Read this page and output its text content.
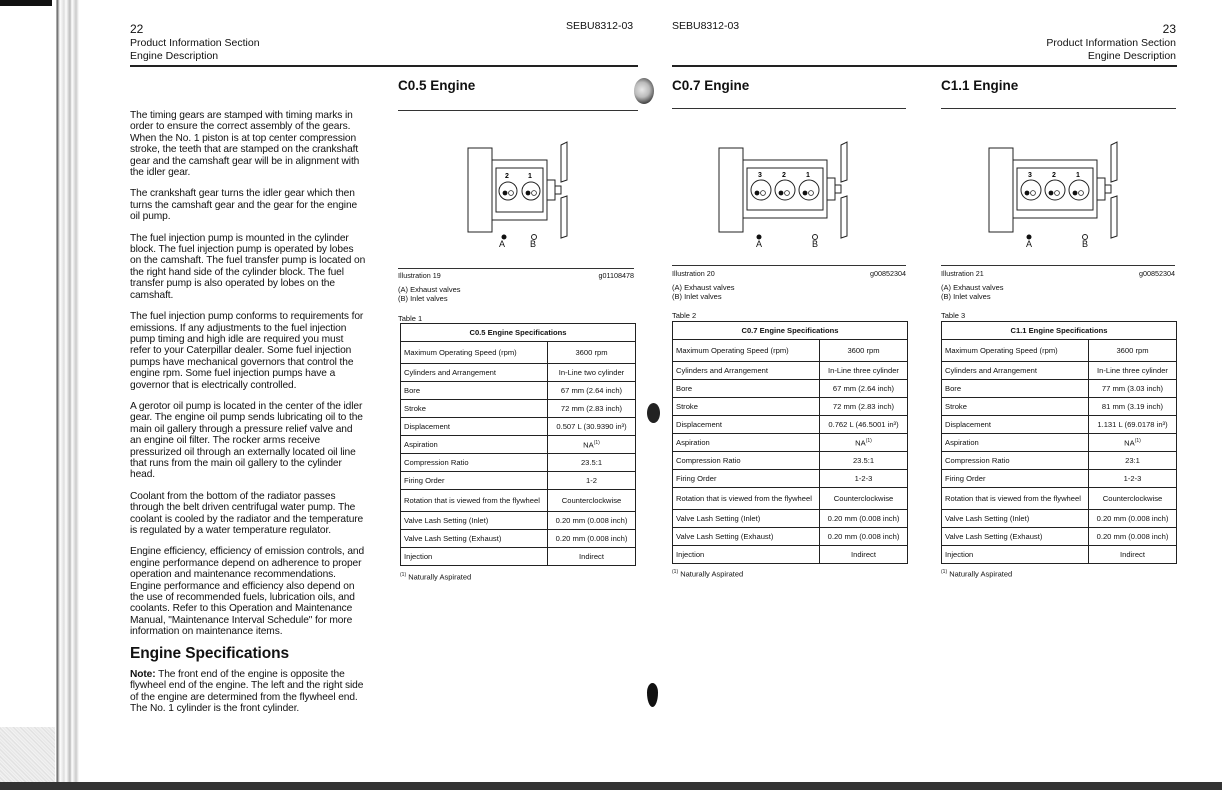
22
Product Information Section
Engine Description
SEBU8312-03	SEBU8312-03	23
Product Information Section
Engine Description

The timing gears are stamped with timing marks in order to ensure the correct assembly of the gears. When the No. 1 piston is at top center compression stroke, the teeth that are stamped on the crankshaft gear and the camshaft gear will be in alignment with the idler gear.

The crankshaft gear turns the idler gear which then turns the camshaft gear and the gear for the engine oil pump.

The fuel injection pump is mounted in the cylinder block. The fuel injection pump is operated by lobes on the camshaft. The fuel transfer pump is located on the right hand side of the cylinder block. The fuel transfer pump is also operated by lobes on the camshaft.

The fuel injection pump conforms to requirements for emissions. If any adjustments to the fuel injection pump timing and high idle are required you must refer to your Caterpillar dealer. Some fuel injection pumps have mechanical governors that control the engine rpm. Some fuel injection pumps have a governor that is electrically controlled.

A gerotor oil pump is located in the center of the idler gear. The engine oil pump sends lubricating oil to the main oil gallery through a pressure relief valve and an engine oil filter. The rocker arms receive pressurized oil through an externally located oil line that runs from the main oil gallery to the cylinder head.

Coolant from the bottom of the radiator passes through the belt driven centrifugal water pump. The coolant is cooled by the radiator and the temperature is regulated by a water temperature regulator.

Engine efficiency, efficiency of emission controls, and engine performance depend on adherence to proper operation and maintenance recommendations. Engine performance and efficiency also depend on the use of recommended fuels, lubrication oils, and coolants. Refer to this Operation and Maintenance Manual, "Maintenance Interval Schedule" for more information on maintenance items.

Engine Specifications

Note: The front end of the engine is opposite the flywheel end of the engine. The left and the right side of the engine are determined from the flywheel end. The No. 1 cylinder is the front cylinder.

C0.5 Engine
2	1
A	B
Illustration 19	g01108478
(A) Exhaust valves
(B) Inlet valves
Table 1
C0.5 Engine Specifications	
Maximum Operating Speed (rpm)	3600 rpm
Cylinders and Arrangement	In-Line two cylinder
Bore	67 mm (2.64 inch)
Stroke	72 mm (2.83 inch)
Displacement	0.507 L (30.9390 in³)
Aspiration	NA$^{(1)}$
Compression Ratio	23.5:1
Firing Order	1-2
Rotation that is viewed from the flywheel	Counterclockwise
Valve Lash Setting (Inlet)	0.20 mm (0.008 inch)
Valve Lash Setting (Exhaust)	0.20 mm (0.008 inch)
Injection	Indirect
$^{(1)}$ Naturally Aspirated
C0.7 Engine
3	2	1
A	B
Illustration 20	g00852304
(A) Exhaust valves
(B) Inlet valves
Table 2
C0.7 Engine Specifications	
Maximum Operating Speed (rpm)	3600 rpm
Cylinders and Arrangement	In-Line three cylinder
Bore	67 mm (2.64 inch)
Stroke	72 mm (2.83 inch)
Displacement	0.762 L (46.5001 in³)
Aspiration	NA$^{(1)}$
Compression Ratio	23.5:1
Firing Order	1-2-3
Rotation that is viewed from the flywheel	Counterclockwise
Valve Lash Setting (Inlet)	0.20 mm (0.008 inch)
Valve Lash Setting (Exhaust)	0.20 mm (0.008 inch)
Injection	Indirect
$^{(1)}$ Naturally Aspirated
C1.1 Engine
3	2	1
A	B
Illustration 21	g00852304
(A) Exhaust valves
(B) Inlet valves
Table 3
C1.1 Engine Specifications	
Maximum Operating Speed (rpm)	3600 rpm
Cylinders and Arrangement	In-Line three cylinder
Bore	77 mm (3.03 inch)
Stroke	81 mm (3.19 inch)
Displacement	1.131 L (69.0178 in³)
Aspiration	NA$^{(1)}$
Compression Ratio	23:1
Firing Order	1-2-3
Rotation that is viewed from the flywheel	Counterclockwise
Valve Lash Setting (Inlet)	0.20 mm (0.008 inch)
Valve Lash Setting (Exhaust)	0.20 mm (0.008 inch)
Injection	Indirect
$^{(1)}$ Naturally Aspirated
